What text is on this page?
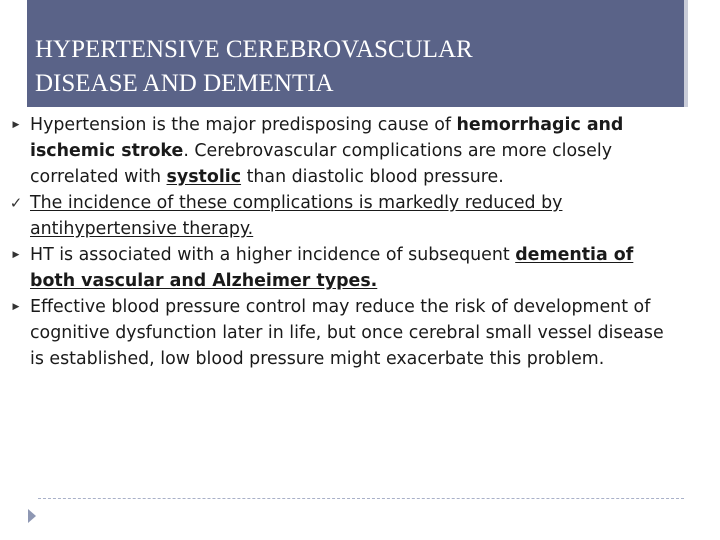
HYPERTENSIVE CEREBROVASCULAR
DISEASE AND DEMENTIA
▶ Hypertension is the major predisposing cause of hemorrhagic and ischemic stroke. Cerebrovascular complications are more closely correlated with systolic than diastolic blood pressure.
✓ The incidence of these complications is markedly reduced by antihypertensive therapy.
▶ HT is associated with a higher incidence of subsequent dementia of both vascular and Alzheimer types.
▶ Effective blood pressure control may reduce the risk of development of cognitive dysfunction later in life, but once cerebral small vessel disease is established, low blood pressure might exacerbate this problem.
